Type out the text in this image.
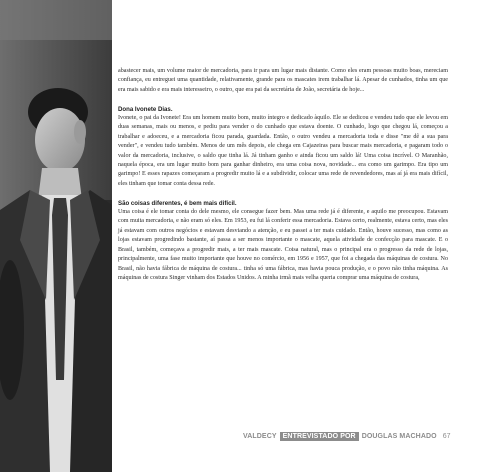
abastecer mais, um volume maior de mercadoria, para ir para um lugar mais distante. Como eles eram pessoas muito boas, mereciam confiança, eu entreguei uma quantidade, relativamente, grande para os mascates irem trabalhar lá. Apesar de cunhados, tinha um que era mais sabido e era mais interesseiro, o outro, que era pai da secretária de João, secretária de hoje...

Dona Ivonete Dias.

Ivonete, o pai da Ivonete! Era um homem muito bom, muito íntegro e dedicado àquilo. Ele se dedicou e vendeu tudo que ele levou em duas semanas, mais ou menos, e pediu para vender o do cunhado que estava doente. O cunhado, logo que chegou lá, começou a trabalhar e adoeceu, e a mercadoria ficou parada, guardada. Então, o outro vendeu a mercadoria toda e disse "me dê a sua para vender", e vendeu tudo também. Menos de um mês depois, ele chega em Cajazeiras para buscar mais mercadoria, e pagaram todo o valor da mercadoria, inclusive, o saldo que tinha lá. Já tinham ganho e ainda ficou um saldo lá! Uma coisa incrível. O Maranhão, naquela época, era um lugar muito bom para ganhar dinheiro, era uma coisa nova, novidade... era como um garimpo. Era tipo um garimpo! E esses rapazes começaram a progredir muito lá e a subdividir, colocar uma rede de revendedores, mas aí já era mais difícil, eles tinham que tomar conta dessa rede.

São coisas diferentes, é bem mais difícil.

Uma coisa é ele tomar conta do dele mesmo, ele consegue fazer bem. Mas uma rede já é diferente, e aquilo me preocupou. Estavam com muita mercadoria, e não eram só eles. Em 1953, eu fui lá conferir essa mercadoria. Estava certo, realmente, estava certo, mas eles já estavam com outros negócios e estavam desviando a atenção, e eu passei a ter mais cuidado. Então, houve sucesso, mas como as lojas estavam progredindo bastante, aí passa a ser menos importante o mascate, aquela atividade de confecção para mascate. E o Brasil, também, começava a progredir mais, a ter mais mascate. Coisa natural, mas o principal era o progresso da rede de lojas, principalmente, uma fase muito importante que houve no comércio, em 1956 e 1957, que foi a chegada das máquinas de costura. No Brasil, não havia fábrica de máquina de costura... tinha só uma fábrica, mas havia pouca produção, e o povo não tinha máquina. As máquinas de costura Singer vinham dos Estados Unidos. A minha irmã mais velha queria comprar uma máquina de costura,

VALDECY ENTREVISTADO POR DOUGLAS MACHADO 67
